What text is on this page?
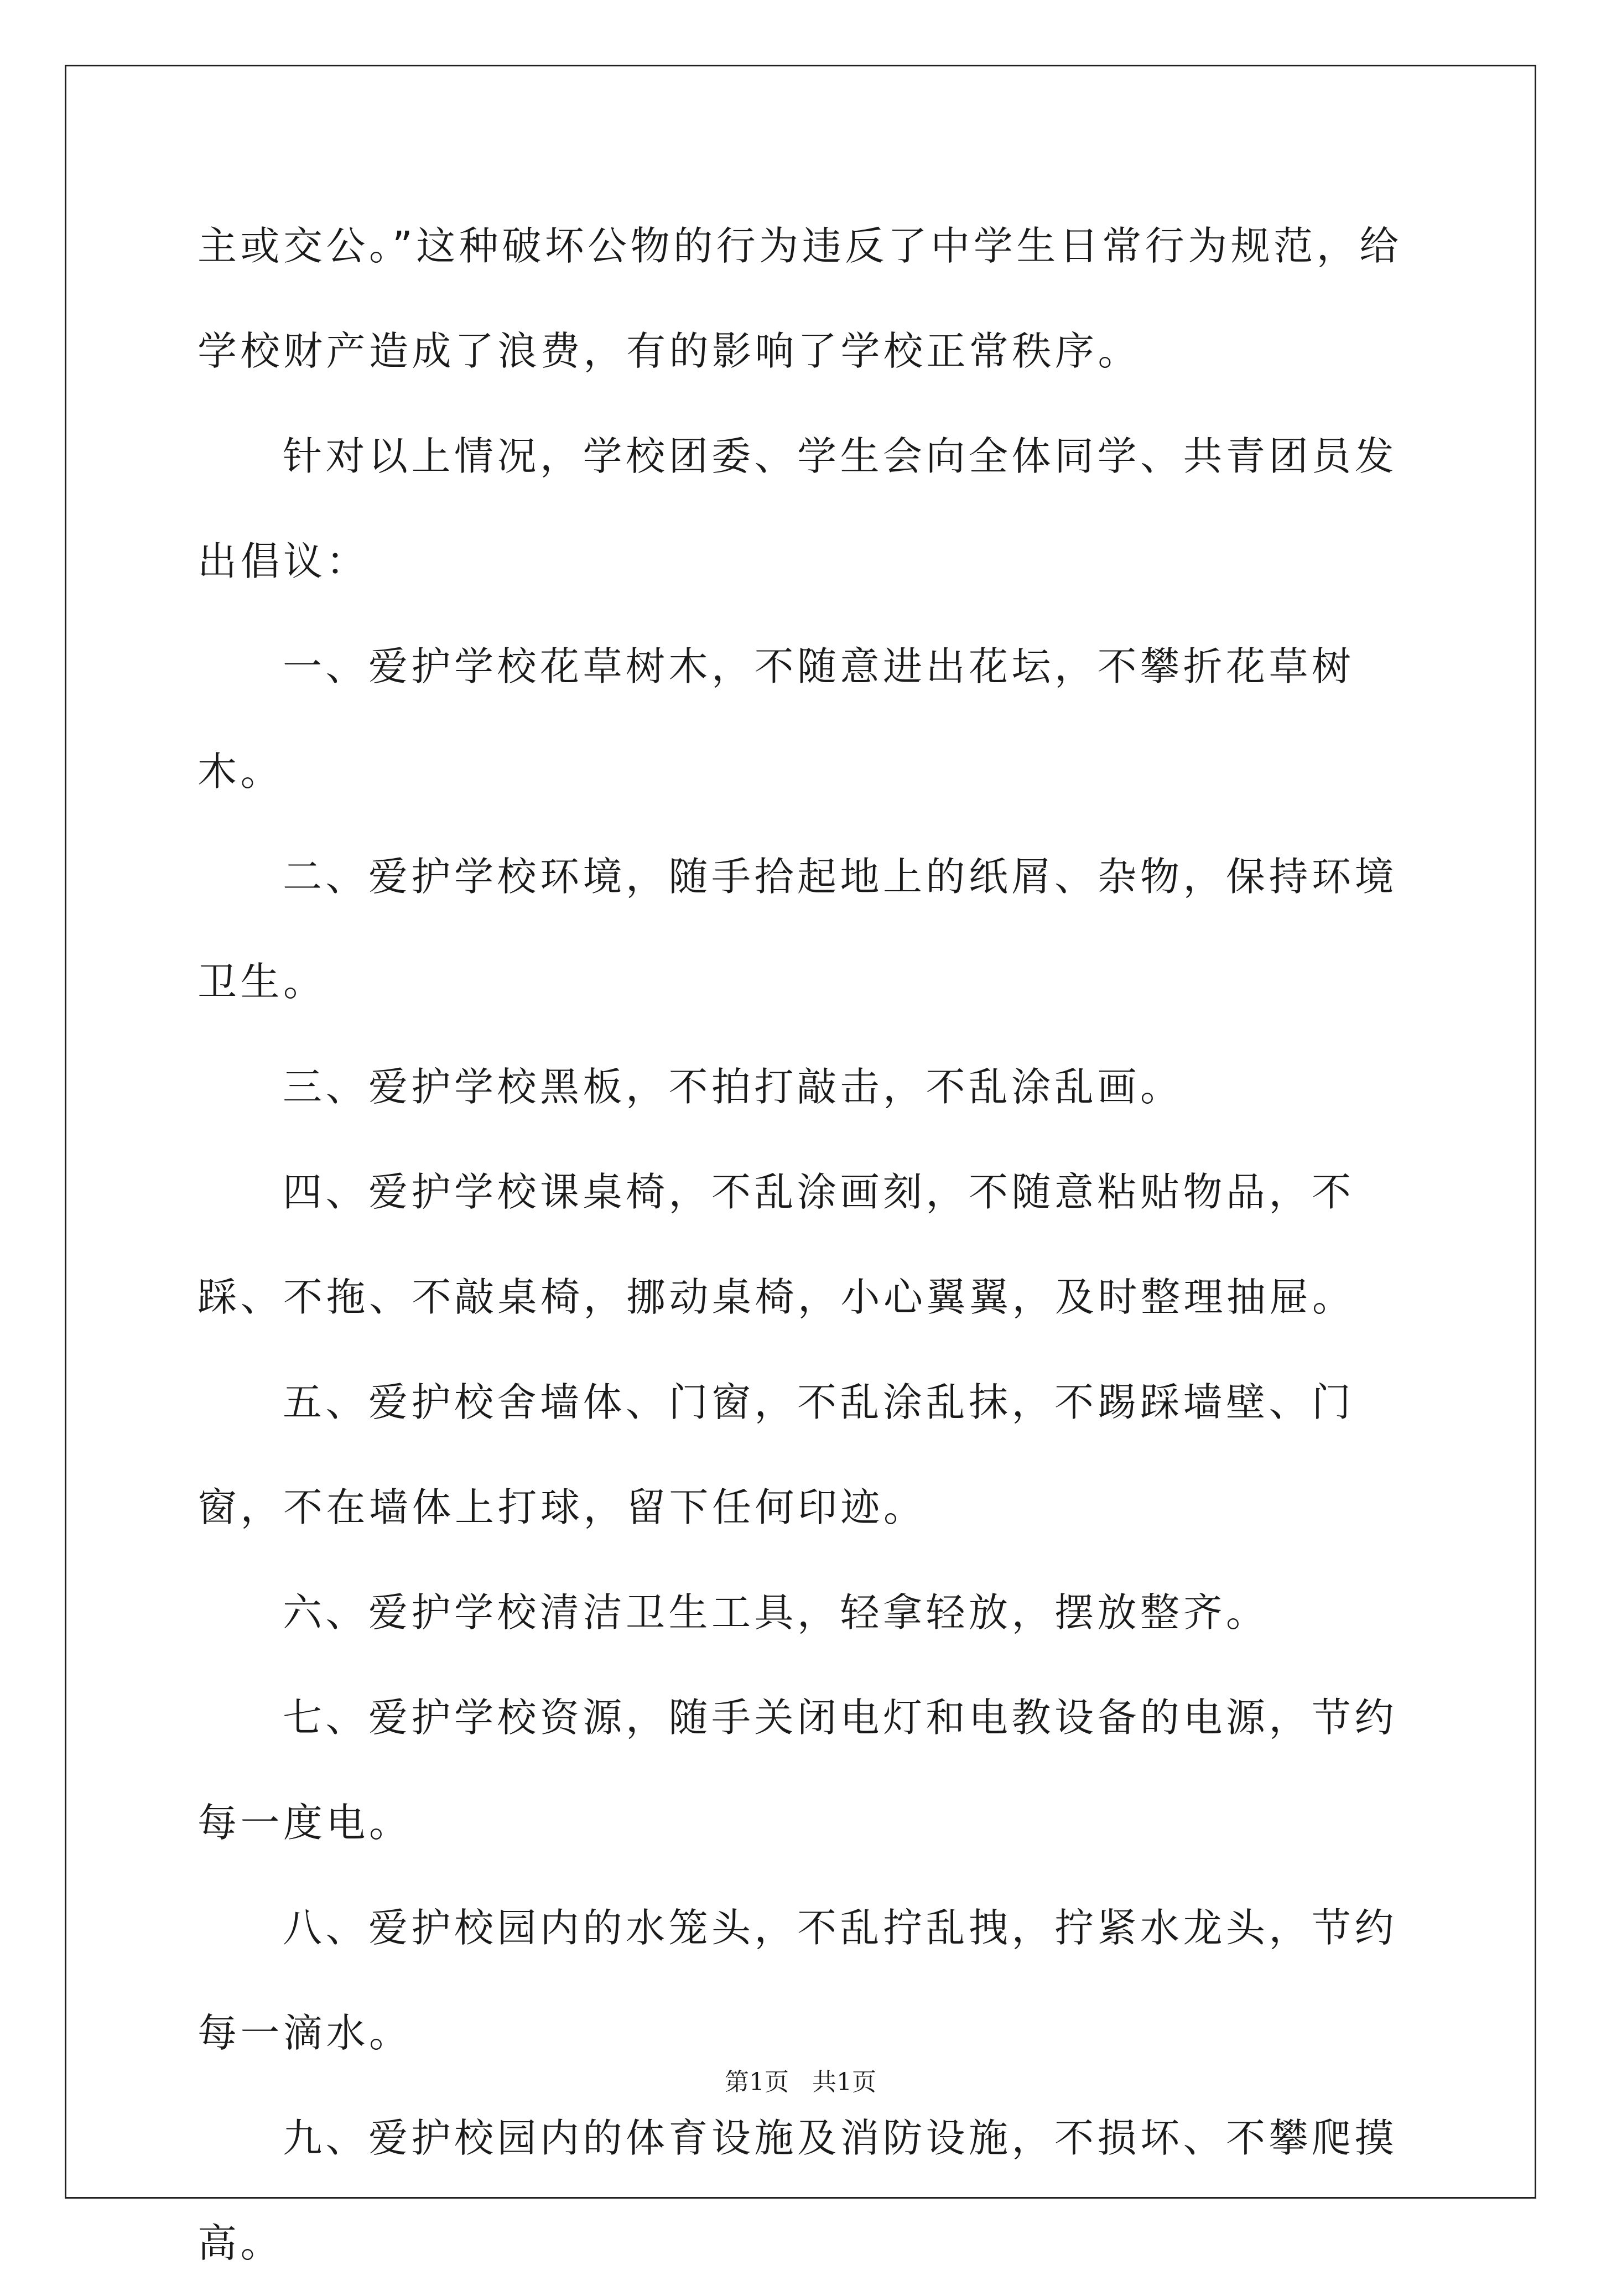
主或交公。”这种破坏公物的行为违反了中学生日常行为规范，给学校财产造成了浪费，有的影响了学校正常秩序。

针对以上情况，学校团委、学生会向全体同学、共青团员发出倡议：

一、爱护学校花草树木，不随意进出花坛，不攀折花草树木。

二、爱护学校环境，随手拾起地上的纸屑、杂物，保持环境卫生。

三、爱护学校黑板，不拍打敲击，不乱涂乱画。

四、爱护学校课桌椅，不乱涂画刻，不随意粘贴物品，不踩、不拖、不敲桌椅，挪动桌椅，小心翼翼，及时整理抽屉。

五、爱护校舍墙体、门窗，不乱涂乱抹，不踢踩墙壁、门窗，不在墙体上打球，留下任何印迹。

六、爱护学校清洁卫生工具，轻拿轻放，摆放整齐。

七、爱护学校资源，随手关闭电灯和电教设备的电源，节约每一度电。

八、爱护校园内的水笼头，不乱拧乱拽，拧紧水龙头，节约每一滴水。

九、爱护校园内的体育设施及消防设施，不损坏、不攀爬摸高。

第1页 共1页
